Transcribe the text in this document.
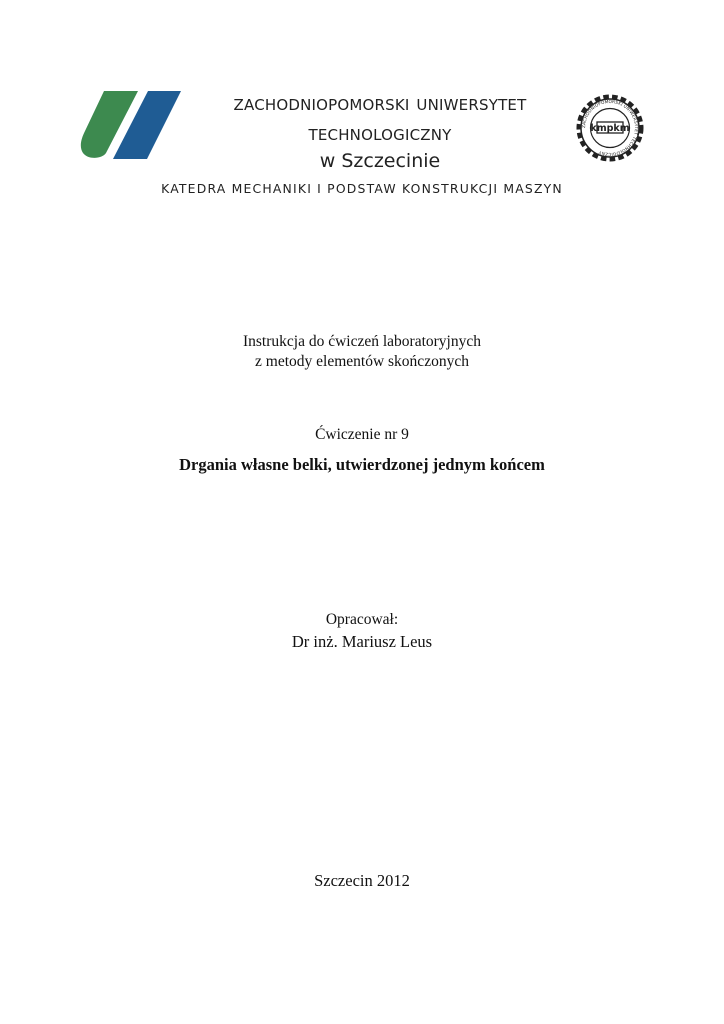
zachodniopomorski uniwersytet
technologiczny
w Szczecinie
ZACHODNIOPOMORSKI UNIWERSYTET TECHNOLOGICZNY
kmpkm
KATEDRA MECHANIKI I PODSTAW KONSTRUKCJI MASZYN
Instrukcja do ćwiczeń laboratoryjnych
z metody elementów skończonych
Ćwiczenie nr 9
Drgania własne belki, utwierdzonej jednym końcem
Opracował:
Dr inż. Mariusz Leus
Szczecin 2012
